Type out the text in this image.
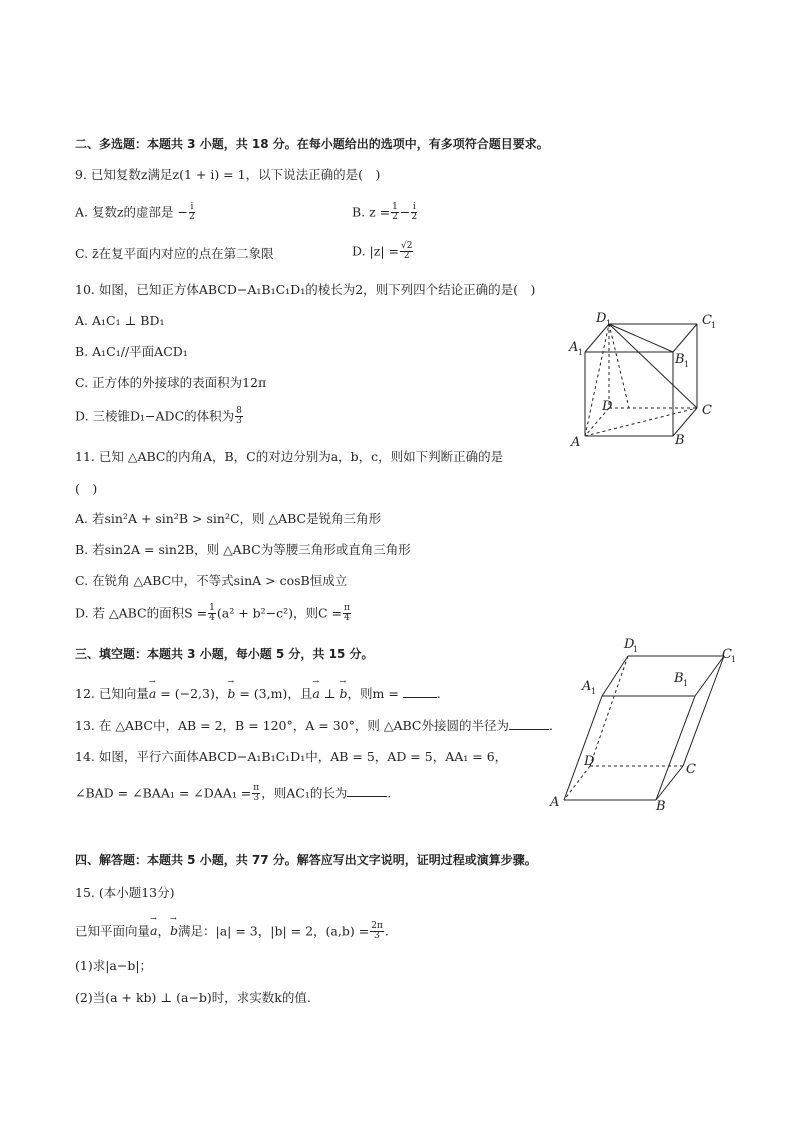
二、多选题：本题共 3 小题，共 18 分。在每小题给出的选项中，有多项符合题目要求。
9. 已知复数z满足z(1 + i) = 1，以下说法正确的是(　)
A. 复数z的虚部是 − $\frac{i}{2}$	B. $z = \frac{1}{2} - \frac{i}{2}$
C. z̄在复平面内对应的点在第二象限	D. $|z| = \frac{√2}{2}$
10. 如图，已知正方体ABCD−A₁B₁C₁D₁的棱长为2，则下列四个结论正确的是(　)
A. A₁C₁ ⊥ BD₁
B. A₁C₁//平面ACD₁
C. 正方体的外接球的表面积为12π
D. 三棱锥D₁−ADC的体积为 $\frac{8}{3}$
D 1	C 1
A 1	B 1
D	C
A	B
11. 已知 △ABC的内角A，B，C的对边分别为a，b，c，则如下判断正确的是
(　)
A. 若sin²A + sin²B > sin²C，则 △ABC是锐角三角形
B. 若sin2A = sin2B，则 △ABC为等腰三角形或直角三角形
C. 在锐角 △ABC中，不等式sinA > cosB恒成立
D. 若 △ABC的面积$S = \frac{1}{4} (a^2 + b^2-c^2)$，则$C = \frac{\pi}{4}$
三、填空题：本题共 3 小题，每小题 5 分，共 15 分。
12. 已知向量→ a = (−2,3)，→ b = (3,m)，且→ a ⊥ → b，则m =	.
13. 在 △ABC中，AB = 2，B = 120°，A = 30°，则 △ABC外接圆的半径为	.
14. 如图，平行六面体ABCD−A₁B₁C₁D₁中，AB = 5，AD = 5，AA₁ = 6，
∠BAD = ∠BAA₁ = ∠DAA₁ = $\frac{\pi}{3}$ ，则AC₁的长为	.
D
1	C 1
A 1
B 1
D
C
A	B
四、解答题：本题共 5 小题，共 77 分。解答应写出文字说明，证明过程或演算步骤。
15. (本小题13分)
已知平面向量→ a，→ b满足：|a| = 3，|b| = 2，$(a,b) = \frac{2\pi}{3}$ .
(1)求|a−b|；
(2)当(a + kb) ⊥ (a−b)时，求实数k的值.
